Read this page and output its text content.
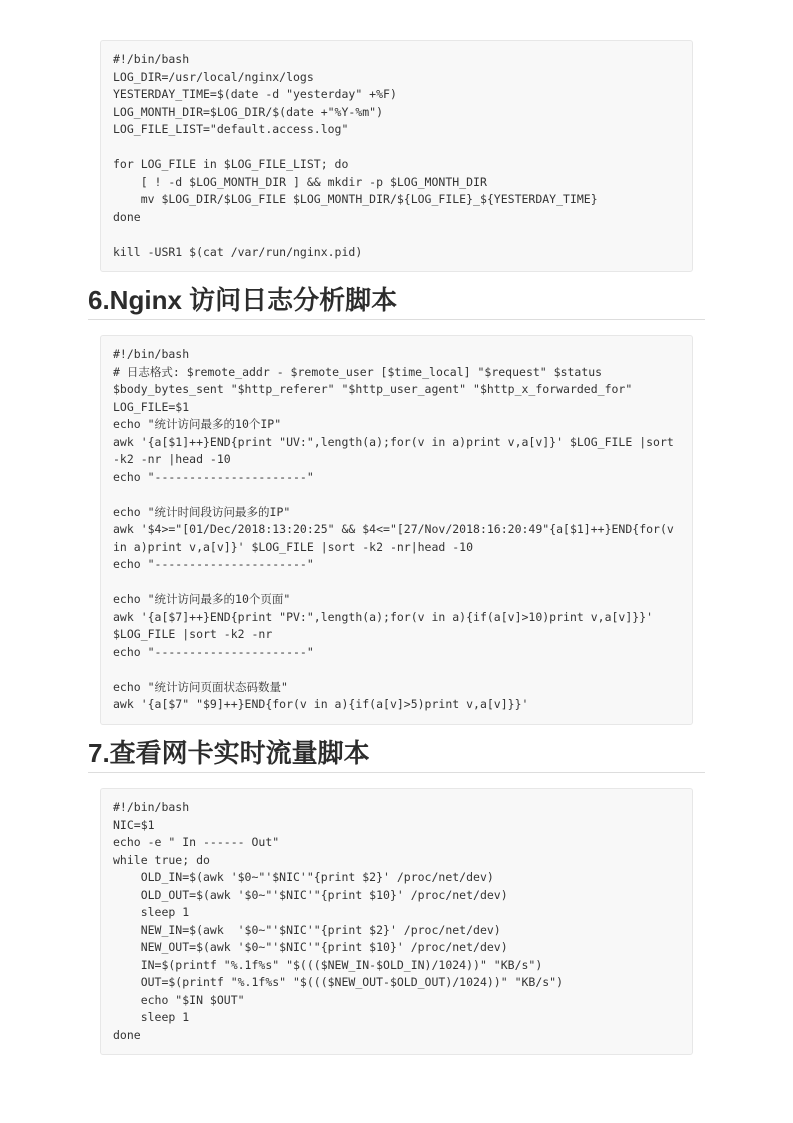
#!/bin/bash
LOG_DIR=/usr/local/nginx/logs
YESTERDAY_TIME=$(date -d "yesterday" +%F)
LOG_MONTH_DIR=$LOG_DIR/$(date +"%Y-%m")
LOG_FILE_LIST="default.access.log"

for LOG_FILE in $LOG_FILE_LIST; do
[ ! -d $LOG_MONTH_DIR ] && mkdir -p $LOG_MONTH_DIR
mv $LOG_DIR/$LOG_FILE $LOG_MONTH_DIR/${LOG_FILE}_${YESTERDAY_TIME}
done

kill -USR1 $(cat /var/run/nginx.pid)
6.Nginx 访问日志分析脚本
#!/bin/bash
# 日志格式: $remote_addr - $remote_user [$time_local] "$request" $status
$body_bytes_sent "$http_referer" "$http_user_agent" "$http_x_forwarded_for"
LOG_FILE=$1
echo "统计访问最多的10个IP"
awk '{a[$1]++}END{print "UV:",length(a);for(v in a)print v,a[v]}' $LOG_FILE |sort
-k2 -nr |head -10
echo "----------------------"

echo "统计时间段访问最多的IP"
awk '$4>="[01/Dec/2018:13:20:25" && $4<="[27/Nov/2018:16:20:49"{a[$1]++}END{for(v
in a)print v,a[v]}' $LOG_FILE |sort -k2 -nr|head -10
echo "----------------------"

echo "统计访问最多的10个页面"
awk '{a[$7]++}END{print "PV:",length(a);for(v in a){if(a[v]>10)print v,a[v]}}'
$LOG_FILE |sort -k2 -nr
echo "----------------------"

echo "统计访问页面状态码数量"
awk '{a[$7" "$9]++}END{for(v in a){if(a[v]>5)print v,a[v]}}'
7.查看网卡实时流量脚本
#!/bin/bash
NIC=$1
echo -e " In ------ Out"
while true; do
OLD_IN=$(awk '$0~"'$NIC'"{print $2}' /proc/net/dev)
OLD_OUT=$(awk '$0~"'$NIC'"{print $10}' /proc/net/dev)
sleep 1
NEW_IN=$(awk  '$0~"'$NIC'"{print $2}' /proc/net/dev)
NEW_OUT=$(awk '$0~"'$NIC'"{print $10}' /proc/net/dev)
IN=$(printf "%.1f%s" "$((($NEW_IN-$OLD_IN)/1024))" "KB/s")
OUT=$(printf "%.1f%s" "$((($NEW_OUT-$OLD_OUT)/1024))" "KB/s")
echo "$IN $OUT"
sleep 1
done
